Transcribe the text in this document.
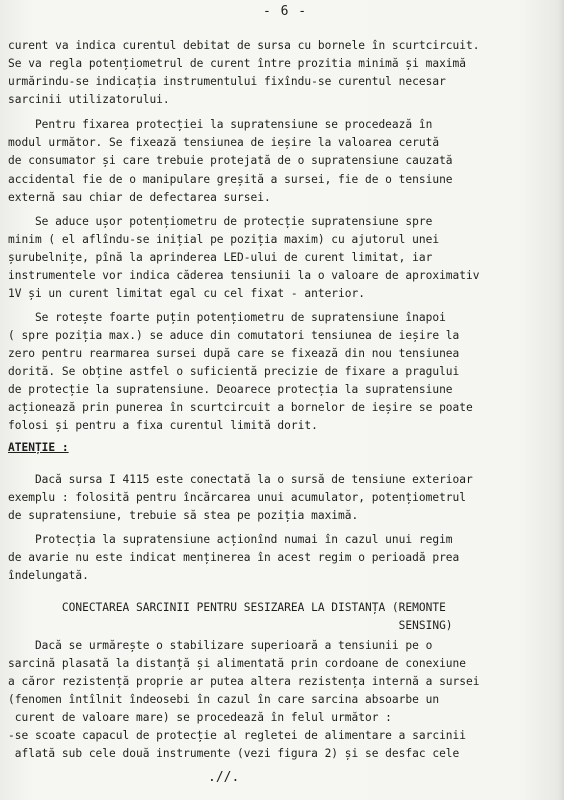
- 6 -
curent va indica curentul debitat de sursa cu bornele în scurtcircuit.
Se va regla potențiometrul de curent între prozitia minimă și maximă
urmărindu-se indicația instrumentului fixîndu-se curentul necesar
sarcinii utilizatorului.
Pentru fixarea protecției la supratensiune se procedează în
modul următor. Se fixează tensiunea de ieșire la valoarea cerută
de consumator și care trebuie protejată de o supratensiune cauzată
accidental fie de o manipulare greșită a sursei, fie de o tensiune
externă sau chiar de defectarea sursei.
Se aduce ușor potențiometru de protecție supratensiune spre
minim ( el aflîndu-se inițial pe poziția maxim) cu ajutorul unei
șurubelnițe, pînă la aprinderea LED-ului de curent limitat, iar
instrumentele vor indica căderea tensiunii la o valoare de aproximativ
1V și un curent limitat egal cu cel fixat - anterior.
Se rotește foarte puțin potențiometru de supratensiune înapoi
( spre poziția max.) se aduce din comutatori tensiunea de ieșire la
zero pentru rearmarea sursei după care se fixează din nou tensiunea
dorită. Se obține astfel o suficientă precizie de fixare a pragului
de protecție la supratensiune. Deoarece protecția la supratensiune
acționează prin punerea în scurtcircuit a bornelor de ieșire se poate
folosi și pentru a fixa curentul limită dorit.
ATENȚIE :
Dacă sursa I 4115 este conectată la o sursă de tensiune exterioar
exemplu : folosită pentru încărcarea unui acumulator, potențiometrul
de supratensiune, trebuie să stea pe poziția maximă.
Protecția la supratensiune acționînd numai în cazul unui regim
de avarie nu este indicat menținerea în acest regim o perioadă prea
îndelungată.
CONECTAREA SARCINII PENTRU SESIZAREA LA DISTANȚA (REMONTE
SENSING)
Dacă se urmărește o stabilizare superioară a tensiunii pe o
sarcină plasată la distanță și alimentată prin cordoane de conexiune
a căror rezistență proprie ar putea altera rezistența internă a sursei
(fenomen întîlnit îndeosebi în cazul în care sarcina absoarbe un
curent de valoare mare) se procedează în felul următor :
-se scoate capacul de protecție al regletei de alimentare a sarcinii
aflată sub cele două instrumente (vezi figura 2) și se desfac cele
.//.
